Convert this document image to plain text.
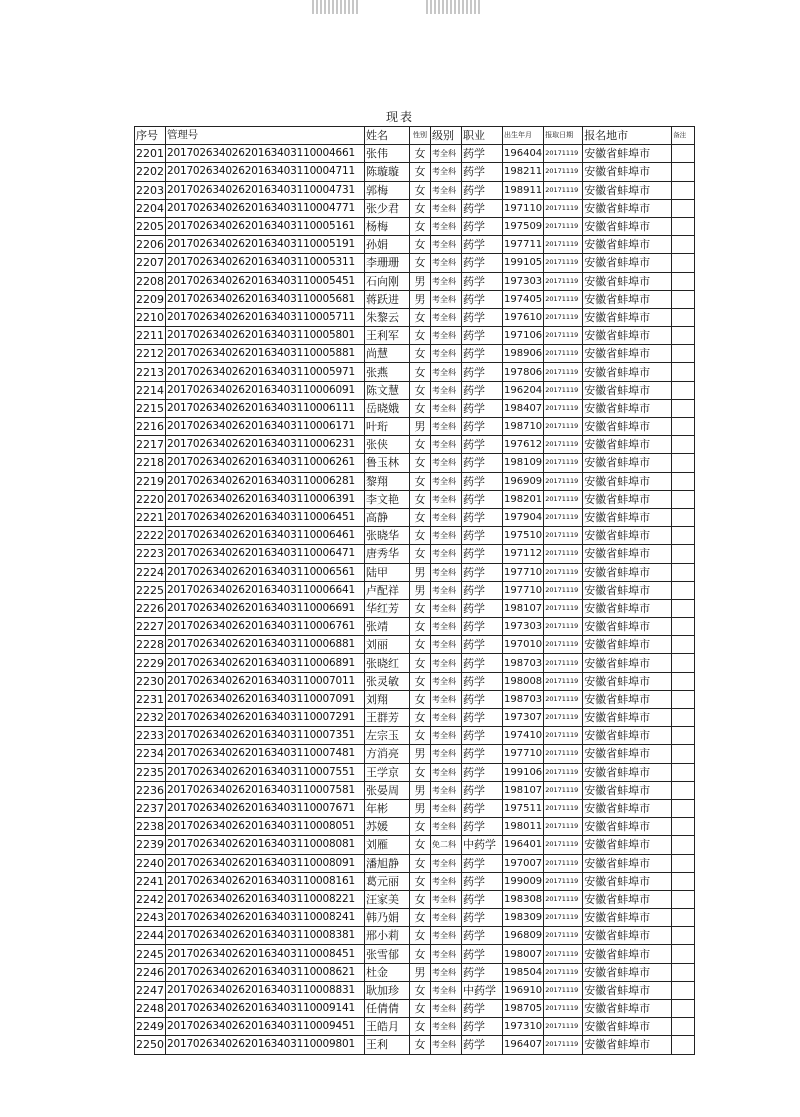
现表
序号	管理号	姓名	性别	级别	职业	出生年月	报取日期	报名地市	备注
2201	20170263402620163403110004661	张伟	女	考全科	药学	196404	20171119	安徽省蚌埠市	
2202	20170263402620163403110004711	陈璇璇	女	考全科	药学	198211	20171119	安徽省蚌埠市	
2203	20170263402620163403110004731	郭梅	女	考全科	药学	198911	20171119	安徽省蚌埠市	
2204	20170263402620163403110004771	张少君	女	考全科	药学	197110	20171119	安徽省蚌埠市	
2205	20170263402620163403110005161	杨梅	女	考全科	药学	197509	20171119	安徽省蚌埠市	
2206	20170263402620163403110005191	孙娟	女	考全科	药学	197711	20171119	安徽省蚌埠市	
2207	20170263402620163403110005311	李珊珊	女	考全科	药学	199105	20171119	安徽省蚌埠市	
2208	20170263402620163403110005451	石向刚	男	考全科	药学	197303	20171119	安徽省蚌埠市	
2209	20170263402620163403110005681	蒋跃进	男	考全科	药学	197405	20171119	安徽省蚌埠市	
2210	20170263402620163403110005711	朱黎云	女	考全科	药学	197610	20171119	安徽省蚌埠市	
2211	20170263402620163403110005801	王利军	女	考全科	药学	197106	20171119	安徽省蚌埠市	
2212	20170263402620163403110005881	尚慧	女	考全科	药学	198906	20171119	安徽省蚌埠市	
2213	20170263402620163403110005971	张燕	女	考全科	药学	197806	20171119	安徽省蚌埠市	
2214	20170263402620163403110006091	陈文慧	女	考全科	药学	196204	20171119	安徽省蚌埠市	
2215	20170263402620163403110006111	岳晓娥	女	考全科	药学	198407	20171119	安徽省蚌埠市	
2216	20170263402620163403110006171	叶珩	男	考全科	药学	198710	20171119	安徽省蚌埠市	
2217	20170263402620163403110006231	张侠	女	考全科	药学	197612	20171119	安徽省蚌埠市	
2218	20170263402620163403110006261	鲁玉林	女	考全科	药学	198109	20171119	安徽省蚌埠市	
2219	20170263402620163403110006281	黎翔	女	考全科	药学	196909	20171119	安徽省蚌埠市	
2220	20170263402620163403110006391	李文艳	女	考全科	药学	198201	20171119	安徽省蚌埠市	
2221	20170263402620163403110006451	高静	女	考全科	药学	197904	20171119	安徽省蚌埠市	
2222	20170263402620163403110006461	张晓华	女	考全科	药学	197510	20171119	安徽省蚌埠市	
2223	20170263402620163403110006471	唐秀华	女	考全科	药学	197112	20171119	安徽省蚌埠市	
2224	20170263402620163403110006561	陆甲	男	考全科	药学	197710	20171119	安徽省蚌埠市	
2225	20170263402620163403110006641	卢配祥	男	考全科	药学	197710	20171119	安徽省蚌埠市	
2226	20170263402620163403110006691	华红芳	女	考全科	药学	198107	20171119	安徽省蚌埠市	
2227	20170263402620163403110006761	张靖	女	考全科	药学	197303	20171119	安徽省蚌埠市	
2228	20170263402620163403110006881	刘丽	女	考全科	药学	197010	20171119	安徽省蚌埠市	
2229	20170263402620163403110006891	张晓红	女	考全科	药学	198703	20171119	安徽省蚌埠市	
2230	20170263402620163403110007011	张灵敏	女	考全科	药学	198008	20171119	安徽省蚌埠市	
2231	20170263402620163403110007091	刘翔	女	考全科	药学	198703	20171119	安徽省蚌埠市	
2232	20170263402620163403110007291	王群芳	女	考全科	药学	197307	20171119	安徽省蚌埠市	
2233	20170263402620163403110007351	左宗玉	女	考全科	药学	197410	20171119	安徽省蚌埠市	
2234	20170263402620163403110007481	方消亮	男	考全科	药学	197710	20171119	安徽省蚌埠市	
2235	20170263402620163403110007551	王学京	女	考全科	药学	199106	20171119	安徽省蚌埠市	
2236	20170263402620163403110007581	张晏周	男	考全科	药学	198107	20171119	安徽省蚌埠市	
2237	20170263402620163403110007671	年彬	男	考全科	药学	197511	20171119	安徽省蚌埠市	
2238	20170263402620163403110008051	苏媛	女	考全科	药学	198011	20171119	安徽省蚌埠市	
2239	20170263402620163403110008081	刘雁	女	免二科	中药学	196401	20171119	安徽省蚌埠市	
2240	20170263402620163403110008091	潘旭静	女	考全科	药学	197007	20171119	安徽省蚌埠市	
2241	20170263402620163403110008161	葛元丽	女	考全科	药学	199009	20171119	安徽省蚌埠市	
2242	20170263402620163403110008221	汪家美	女	考全科	药学	198308	20171119	安徽省蚌埠市	
2243	20170263402620163403110008241	韩乃娟	女	考全科	药学	198309	20171119	安徽省蚌埠市	
2244	20170263402620163403110008381	邢小莉	女	考全科	药学	196809	20171119	安徽省蚌埠市	
2245	20170263402620163403110008451	张雪郁	女	考全科	药学	198007	20171119	安徽省蚌埠市	
2246	20170263402620163403110008621	杜金	男	考全科	药学	198504	20171119	安徽省蚌埠市	
2247	20170263402620163403110008831	耿加珍	女	考全科	中药学	196910	20171119	安徽省蚌埠市	
2248	20170263402620163403110009141	任倩倩	女	考全科	药学	198705	20171119	安徽省蚌埠市	
2249	20170263402620163403110009451	王皓月	女	考全科	药学	197310	20171119	安徽省蚌埠市	
2250	20170263402620163403110009801	王利	女	考全科	药学	196407	20171119	安徽省蚌埠市	
